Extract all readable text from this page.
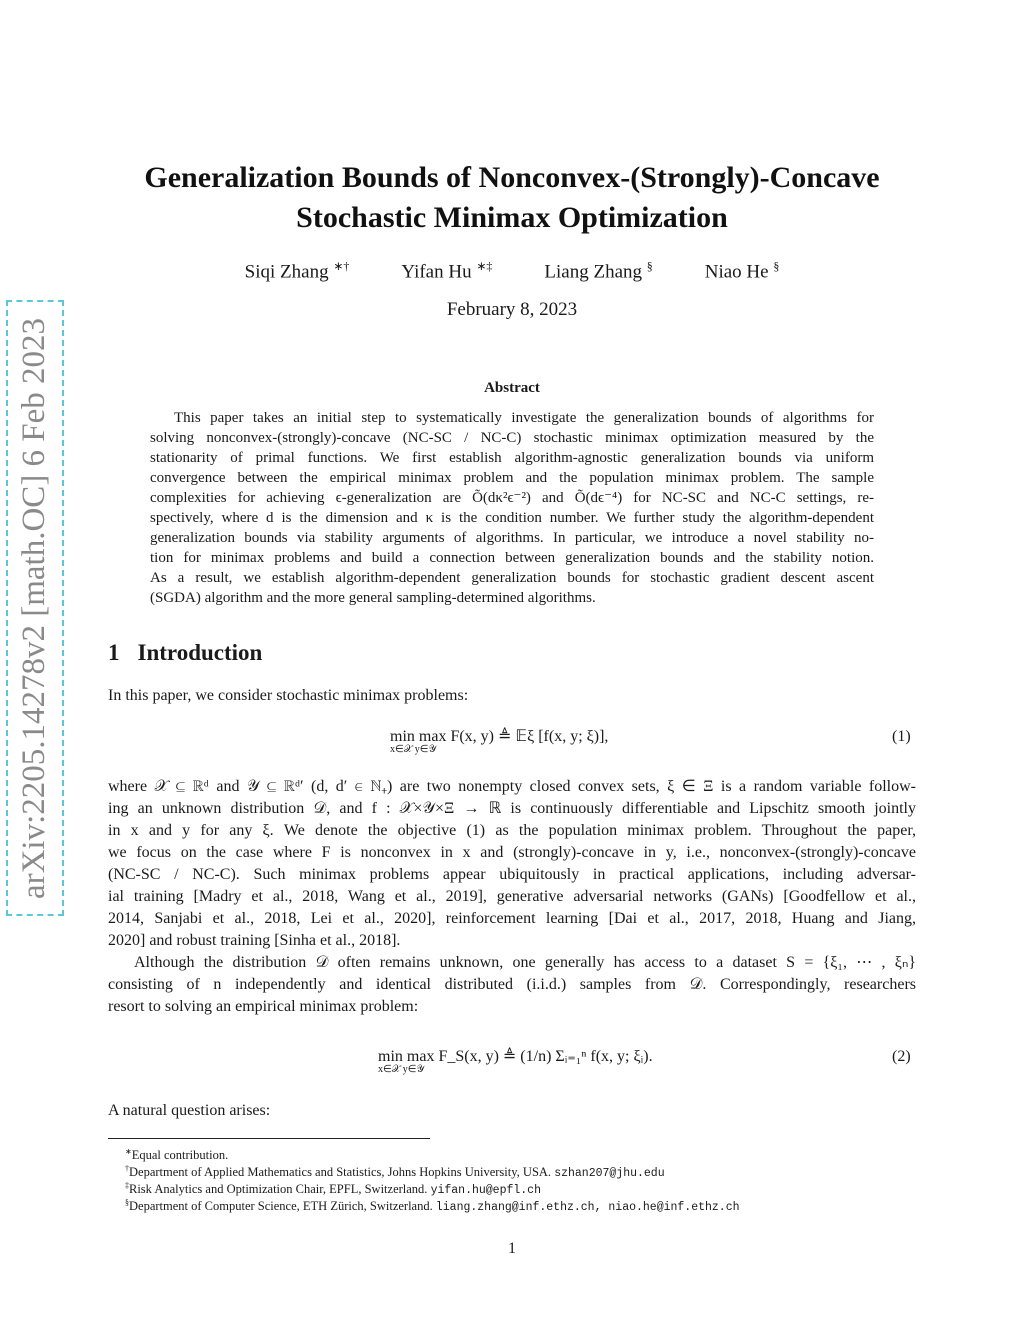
arXiv:2205.14278v2 [math.OC] 6 Feb 2023
Generalization Bounds of Nonconvex-(Strongly)-Concave
Stochastic Minimax Optimization
Siqi Zhang ∗†	Yifan Hu ∗‡	Liang Zhang §	Niao He §
February 8, 2023
Abstract
This paper takes an initial step to systematically investigate the generalization bounds of algorithms for
solving nonconvex-(strongly)-concave (NC-SC / NC-C) stochastic minimax optimization measured by the
stationarity of primal functions. We first establish algorithm-agnostic generalization bounds via uniform
convergence between the empirical minimax problem and the population minimax problem. The sample
complexities for achieving ϵ-generalization are Õ(dκ²ϵ⁻²) and Õ(dϵ⁻⁴) for NC-SC and NC-C settings, re-
spectively, where d is the dimension and κ is the condition number. We further study the algorithm-dependent
generalization bounds via stability arguments of algorithms. In particular, we introduce a novel stability no-
tion for minimax problems and build a connection between generalization bounds and the stability notion.
As a result, we establish algorithm-dependent generalization bounds for stochastic gradient descent ascent
(SGDA) algorithm and the more general sampling-determined algorithms.
1 Introduction
In this paper, we consider stochastic minimax problems:
min max F(x, y) ≜ 𝔼ξ [f(x, y; ξ)],
x∈𝒳 y∈𝒴
(1)
where 𝒳 ⊆ ℝᵈ and 𝒴 ⊆ ℝᵈ′ (d, d′ ∈ ℕ₊) are two nonempty closed convex sets, ξ ∈ Ξ is a random variable follow-
ing an unknown distribution 𝒟, and f : 𝒳×𝒴×Ξ → ℝ is continuously differentiable and Lipschitz smooth jointly
in x and y for any ξ. We denote the objective (1) as the population minimax problem. Throughout the paper,
we focus on the case where F is nonconvex in x and (strongly)-concave in y, i.e., nonconvex-(strongly)-concave
(NC-SC / NC-C). Such minimax problems appear ubiquitously in practical applications, including adversar-
ial training [Madry et al., 2018, Wang et al., 2019], generative adversarial networks (GANs) [Goodfellow et al.,
2014, Sanjabi et al., 2018, Lei et al., 2020], reinforcement learning [Dai et al., 2017, 2018, Huang and Jiang,
2020] and robust training [Sinha et al., 2018].
Although the distribution 𝒟 often remains unknown, one generally has access to a dataset S = {ξ₁, ⋯ , ξₙ}
consisting of n independently and identical distributed (i.i.d.) samples from 𝒟. Correspondingly, researchers
resort to solving an empirical minimax problem:
min max F_S(x, y) ≜ (1/n) Σᵢ₌₁ⁿ f(x, y; ξᵢ).
x∈𝒳 y∈𝒴
(2)
A natural question arises:
∗Equal contribution.
†Department of Applied Mathematics and Statistics, Johns Hopkins University, USA. szhan207@jhu.edu
‡Risk Analytics and Optimization Chair, EPFL, Switzerland. yifan.hu@epfl.ch
§Department of Computer Science, ETH Zürich, Switzerland. liang.zhang@inf.ethz.ch, niao.he@inf.ethz.ch
1
